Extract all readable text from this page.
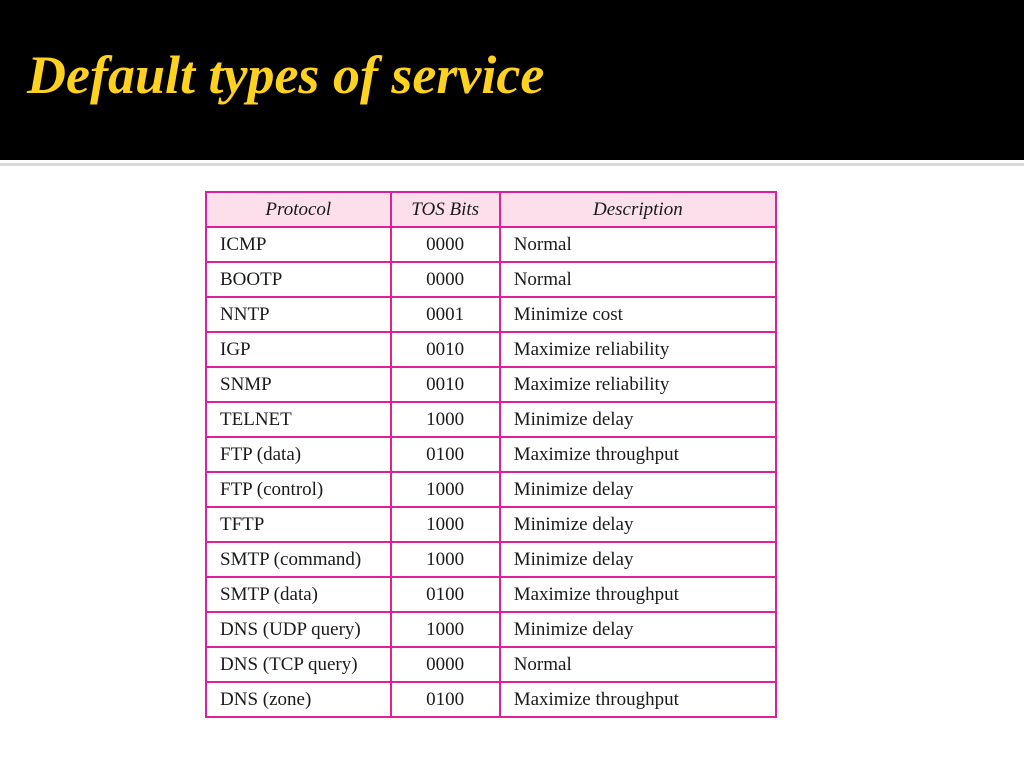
Default types of service
Protocol	TOS Bits	Description
ICMP	0000	Normal
BOOTP	0000	Normal
NNTP	0001	Minimize cost
IGP	0010	Maximize reliability
SNMP	0010	Maximize reliability
TELNET	1000	Minimize delay
FTP (data)	0100	Maximize throughput
FTP (control)	1000	Minimize delay
TFTP	1000	Minimize delay
SMTP (command)	1000	Minimize delay
SMTP (data)	0100	Maximize throughput
DNS (UDP query)	1000	Minimize delay
DNS (TCP query)	0000	Normal
DNS (zone)	0100	Maximize throughput
